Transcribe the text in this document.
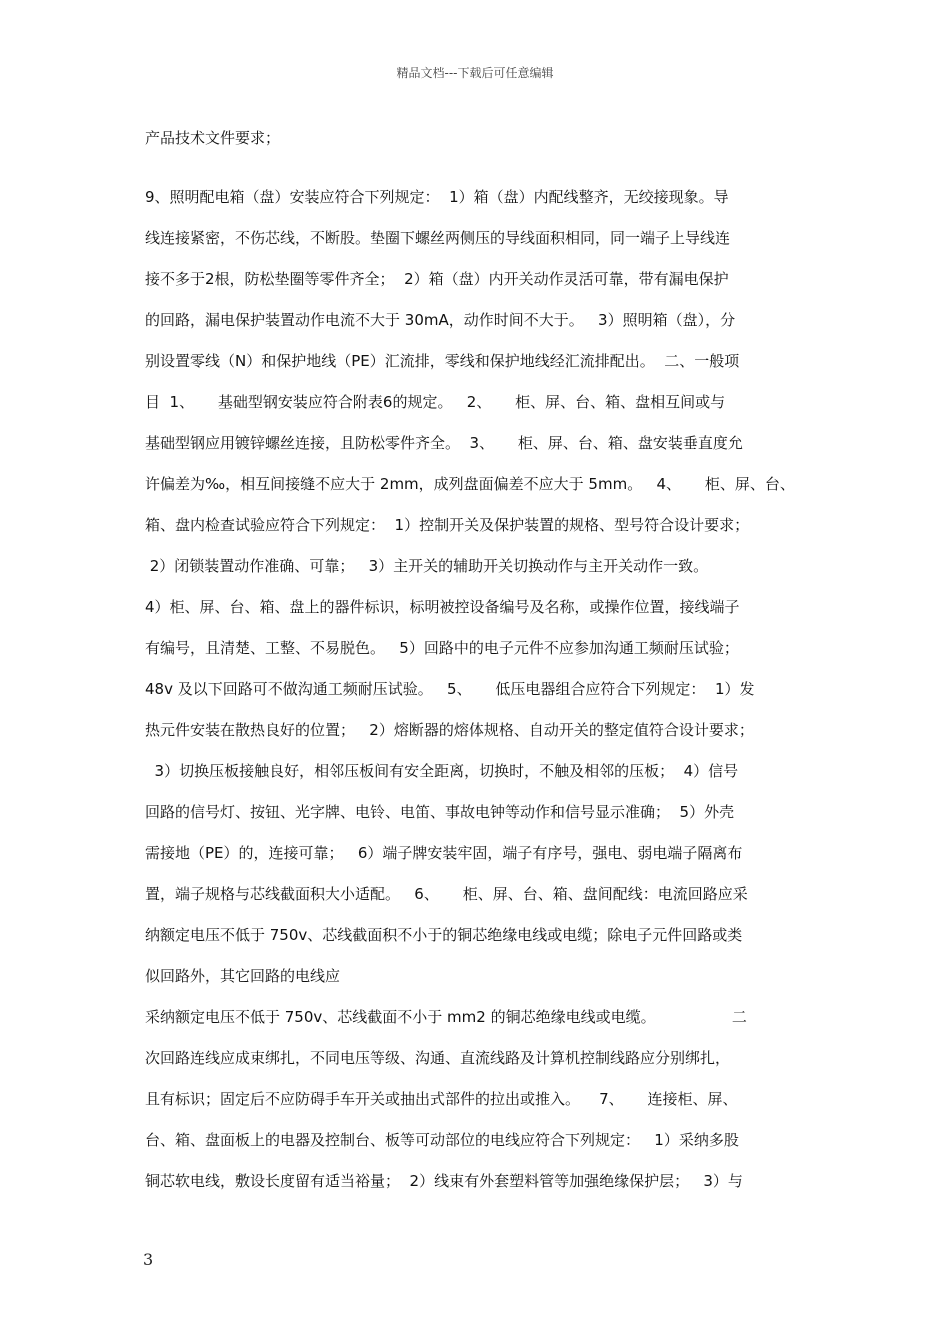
精品文档---下载后可任意编辑
产品技术文件要求；
9、照明配电箱（盘）安装应符合下列规定：  1）箱（盘）内配线整齐，无绞接现象。导
线连接紧密，不伤芯线，不断股。垫圈下螺丝两侧压的导线面积相同，同一端子上导线连
接不多于2根，防松垫圈等零件齐全；  2）箱（盘）内开关动作灵活可靠，带有漏电保护
的回路，漏电保护装置动作电流不大于 30mA，动作时间不大于。   3）照明箱（盘），分
别设置零线（N）和保护地线（PE）汇流排，零线和保护地线经汇流排配出。  二、一般项
目  1、     基础型钢安装应符合附表6的规定。   2、     柜、屏、台、箱、盘相互间或与
基础型钢应用镀锌螺丝连接，且防松零件齐全。  3、     柜、屏、台、箱、盘安装垂直度允
许偏差为‰，相互间接缝不应大于 2mm，成列盘面偏差不应大于 5mm。   4、     柜、屏、台、
箱、盘内检查试验应符合下列规定：  1）控制开关及保护装置的规格、型号符合设计要求；
2）闭锁装置动作准确、可靠；   3）主开关的辅助开关切换动作与主开关动作一致。
4）柜、屏、台、箱、盘上的器件标识，标明被控设备编号及名称，或操作位置，接线端子
有编号，且清楚、工整、不易脱色。   5）回路中的电子元件不应参加沟通工频耐压试验；
48v 及以下回路可不做沟通工频耐压试验。   5、     低压电器组合应符合下列规定：  1）发
热元件安装在散热良好的位置；   2）熔断器的熔体规格、自动开关的整定值符合设计要求；
3）切换压板接触良好，相邻压板间有安全距离，切换时，不触及相邻的压板；  4）信号
回路的信号灯、按钮、光字牌、电铃、电笛、事故电钟等动作和信号显示准确；  5）外壳
需接地（PE）的，连接可靠；   6）端子牌安装牢固，端子有序号，强电、弱电端子隔离布
置，端子规格与芯线截面积大小适配。   6、     柜、屏、台、箱、盘间配线：电流回路应采
纳额定电压不低于 750v、芯线截面积不小于的铜芯绝缘电线或电缆；除电子元件回路或类
似回路外，其它回路的电线应
采纳额定电压不低于 750v、芯线截面不小于 mm2 的铜芯绝缘电线或电缆。                二
次回路连线应成束绑扎，不同电压等级、沟通、直流线路及计算机控制线路应分别绑扎，
且有标识；固定后不应防碍手车开关或抽出式部件的拉出或推入。    7、     连接柜、屏、
台、箱、盘面板上的电器及控制台、板等可动部位的电线应符合下列规定：   1）采纳多股
铜芯软电线，敷设长度留有适当裕量；  2）线束有外套塑料管等加强绝缘保护层；   3）与
3
